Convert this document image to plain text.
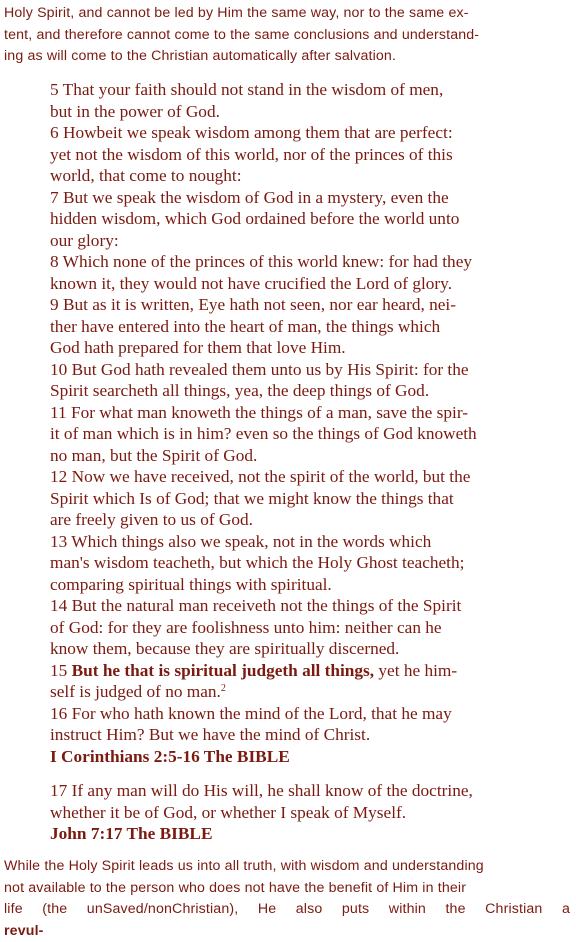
Holy Spirit, and cannot be led by Him the same way, nor to the same ex-
tent, and therefore cannot come to the same conclusions and understand-
ing as will come to the Christian automatically after salvation.
5 That your faith should not stand in the wisdom of men,
but in the power of God.
6 Howbeit we speak wisdom among them that are perfect:
yet not the wisdom of this world, nor of the princes of this
world, that come to nought:
7 But we speak the wisdom of God in a mystery, even the
hidden wisdom, which God ordained before the world unto
our glory:
8 Which none of the princes of this world knew: for had they
known it, they would not have crucified the Lord of glory.
9 But as it is written, Eye hath not seen, nor ear heard, nei-
ther have entered into the heart of man, the things which
God hath prepared for them that love Him.
10 But God hath revealed them unto us by His Spirit: for the
Spirit searcheth all things, yea, the deep things of God.
11 For what man knoweth the things of a man, save the spir-
it of man which is in him? even so the things of God knoweth
no man, but the Spirit of God.
12 Now we have received, not the spirit of the world, but the
Spirit which Is of God; that we might know the things that
are freely given to us of God.
13 Which things also we speak, not in the words which
man's wisdom teacheth, but which the Holy Ghost teacheth;
comparing spiritual things with spiritual.
14 But the natural man receiveth not the things of the Spirit
of God: for they are foolishness unto him: neither can he
know them, because they are spiritually discerned.
15 But he that is spiritual judgeth all things, yet he him-
self is judged of no man.$^2$
16 For who hath known the mind of the Lord, that he may
instruct Him? But we have the mind of Christ.
I Corinthians 2:5-16 The BIBLE
17 If any man will do His will, he shall know of the doctrine,
whether it be of God, or whether I speak of Myself.
John 7:17 The BIBLE
While the Holy Spirit leads us into all truth, with wisdom and understanding
not available to the person who does not have the benefit of Him in their
life (the unSaved/nonChristian), He also puts within the Christian a
revul-
